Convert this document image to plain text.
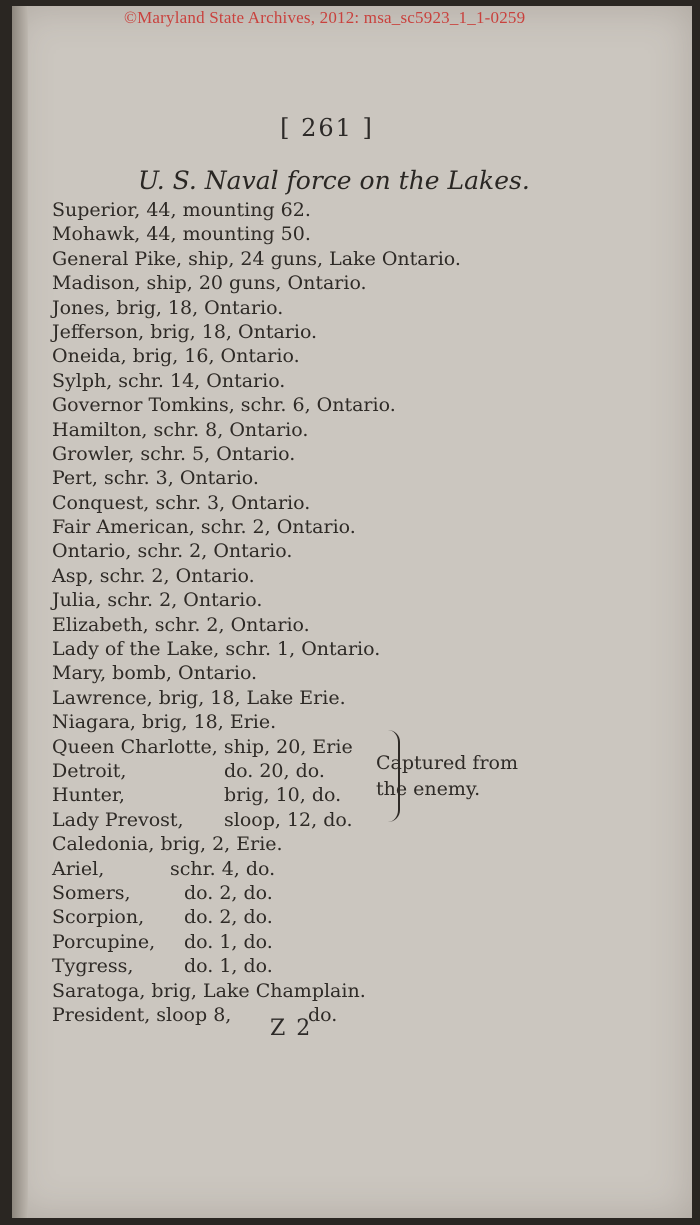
©Maryland State Archives, 2012: msa_sc5923_1_1-0259
[ 261 ]
U. S. Naval force on the Lakes.
Superior, 44, mounting 62.
Mohawk, 44, mounting 50.
General Pike, ship, 24 guns, Lake Ontario.
Madison, ship, 20 guns, Ontario.
Jones, brig, 18, Ontario.
Jefferson, brig, 18, Ontario.
Oneida, brig, 16, Ontario.
Sylph, schr. 14, Ontario.
Governor Tomkins, schr. 6, Ontario.
Hamilton, schr. 8, Ontario.
Growler, schr. 5, Ontario.
Pert, schr. 3, Ontario.
Conquest, schr. 3, Ontario.
Fair American, schr. 2, Ontario.
Ontario, schr. 2, Ontario.
Asp, schr. 2, Ontario.
Julia, schr. 2, Ontario.
Elizabeth, schr. 2, Ontario.
Lady of the Lake, schr. 1, Ontario.
Mary, bomb, Ontario.
Lawrence, brig, 18, Lake Erie.
Niagara, brig, 18, Erie.
Queen Charlotte, ship, 20, Erie
Detroit,	do. 20, do.
Hunter,	brig, 10, do.
Lady Prevost, sloop, 12, do.
Caledonia, brig, 2, Erie.
Ariel,	schr. 4, do.
Somers,	do. 2, do.
Scorpion, do. 2, do.
Porcupine, do. 1, do.
Tygress,	do. 1, do.
Saratoga, brig, Lake Champlain.
President, sloop 8,	do.
Captured from
the enemy.
Z 2
